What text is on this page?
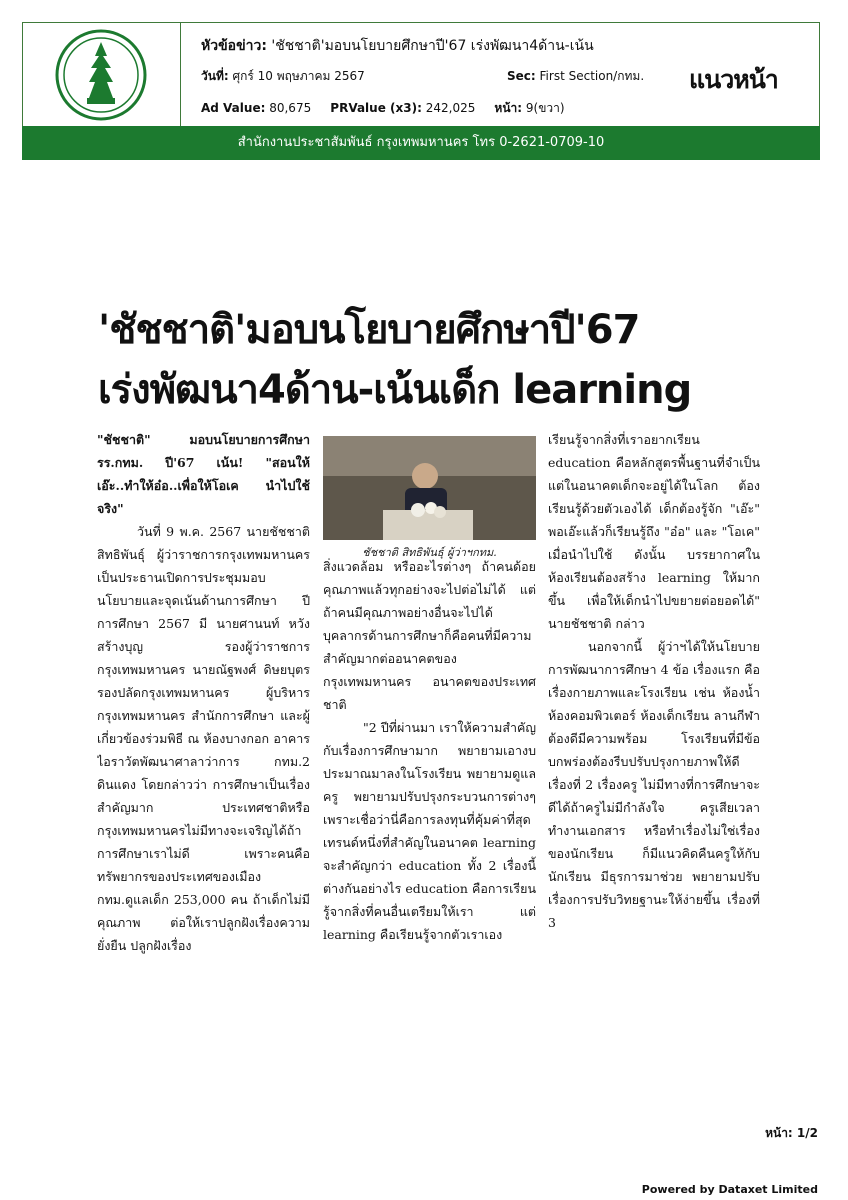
หัวข้อข่าว: 'ชัชชาติ'มอบนโยบายศึกษาปี'67 เร่งพัฒนา4ด้าน-เน้น
วันที่: ศุกร์ 10 พฤษภาคม 2567	Sec: First Section/กทม.
Ad Value: 80,675 PRValue (x3): 242,025 หน้า: 9(ขวา)
แนวหน้า
สำนักงานประชาสัมพันธ์ กรุงเทพมหานคร โทร 0-2621-0709-10
'ชัชชาติ'มอบนโยบายศึกษาปี'67
เร่งพัฒนา4ด้าน-เน้นเด็ก learning

"ชัชชาติ" มอบนโยบายการศึกษา รร.กทม. ปี'67 เน้น! "สอนให้เอ๊ะ..ทำให้อ๋อ..เพื่อให้โอเค นำไปใช้จริง"

วันที่ 9 พ.ค. 2567 นายชัชชาติ สิทธิพันธุ์ ผู้ว่าราชการกรุงเทพมหานคร เป็นประธานเปิดการประชุมมอบนโยบายและจุดเน้นด้านการศึกษา ปีการศึกษา 2567 มี นายศานนท์ หวังสร้างบุญ รองผู้ว่าราชการกรุงเทพมหานคร นายณัฐพงศ์ ดิษยบุตร รองปลัดกรุงเทพมหานคร ผู้บริหารกรุงเทพมหานคร สำนักการศึกษา และผู้เกี่ยวข้องร่วมพิธี ณ ห้องบางกอก อาคารไอราวัตพัฒนาศาลาว่าการ กทม.2 ดินแดง โดยกล่าวว่า การศึกษาเป็นเรื่องสำคัญมาก ประเทศชาติหรือกรุงเทพมหานครไม่มีทางจะเจริญได้ถ้าการศึกษาเราไม่ดี เพราะคนคือทรัพยากรของประเทศของเมือง กทม.ดูแลเด็ก 253,000 คน ถ้าเด็กไม่มีคุณภาพ ต่อให้เราปลูกฝังเรื่องความยั่งยืน ปลูกฝังเรื่อง

ชัชชาติ สิทธิพันธุ์ ผู้ว่าฯกทม.

สิ่งแวดล้อม หรืออะไรต่างๆ ถ้าคนด้อยคุณภาพแล้วทุกอย่างจะไปต่อไม่ได้ แต่ถ้าคนมีคุณภาพอย่างอื่นจะไปได้ บุคลากรด้านการศึกษาก็คือคนที่มีความสำคัญมากต่ออนาคตของกรุงเทพมหานคร อนาคตของประเทศชาติ

"2 ปีที่ผ่านมา เราให้ความสำคัญกับเรื่องการศึกษามาก พยายามเอางบประมาณมาลงในโรงเรียน พยายามดูแลครู พยายามปรับปรุงกระบวนการต่างๆ เพราะเชื่อว่านี่คือการลงทุนที่คุ้มค่าที่สุด เทรนด์หนึ่งที่สำคัญในอนาคต learning จะสำคัญกว่า education ทั้ง 2 เรื่องนี้ต่างกันอย่างไร education คือการเรียนรู้จากสิ่งที่คนอื่นเตรียมให้เรา แต่ learning คือเรียนรู้จากตัวเราเอง

เรียนรู้จากสิ่งที่เราอยากเรียน education คือหลักสูตรพื้นฐานที่จำเป็น แต่ในอนาคตเด็กจะอยู่ได้ในโลก ต้องเรียนรู้ด้วยตัวเองได้ เด็กต้องรู้จัก "เอ๊ะ" พอเอ๊ะแล้วก็เรียนรู้ถึง "อ๋อ" และ "โอเค" เมื่อนำไปใช้ ดังนั้น บรรยากาศในห้องเรียนต้องสร้าง learning ให้มากขึ้น เพื่อให้เด็กนำไปขยายต่อยอดได้" นายชัชชาติ กล่าว

นอกจากนี้ ผู้ว่าฯได้ให้นโยบายการพัฒนาการศึกษา 4 ข้อ เรื่องแรก คือ เรื่องกายภาพและโรงเรียน เช่น ห้องน้ำ ห้องคอมพิวเตอร์ ห้องเด็กเรียน ลานกีฬา ต้องดีมีความพร้อม โรงเรียนที่มีข้อบกพร่องต้องรีบปรับปรุงกายภาพให้ดี เรื่องที่ 2 เรื่องครู ไม่มีทางที่การศึกษาจะดีได้ถ้าครูไม่มีกำลังใจ ครูเสียเวลาทำงานเอกสาร หรือทำเรื่องไม่ใช่เรื่องของนักเรียน ก็มีแนวคิดคืนครูให้กับนักเรียน มีธุรการมาช่วย พยายามปรับเรื่องการปรับวิทยฐานะให้ง่ายขึ้น เรื่องที่ 3

หน้า: 1/2
Powered by Dataxet Limited
